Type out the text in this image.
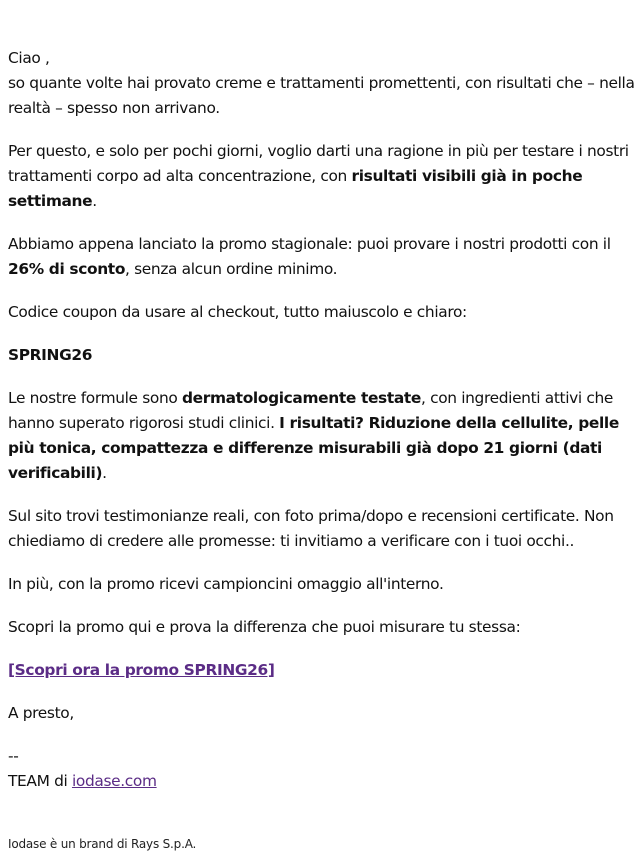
Ciao ,
so quante volte hai provato creme e trattamenti promettenti, con risultati che – nella realtà – spesso non arrivano.

Per questo, e solo per pochi giorni, voglio darti una ragione in più per testare i nostri trattamenti corpo ad alta concentrazione, con risultati visibili già in poche settimane.

Abbiamo appena lanciato la promo stagionale: puoi provare i nostri prodotti con il 26% di sconto, senza alcun ordine minimo.

Codice coupon da usare al checkout, tutto maiuscolo e chiaro:

SPRING26

Le nostre formule sono dermatologicamente testate, con ingredienti attivi che hanno superato rigorosi studi clinici. I risultati? Riduzione della cellulite, pelle più tonica, compattezza e differenze misurabili già dopo 21 giorni (dati verificabili).

Sul sito trovi testimonianze reali, con foto prima/dopo e recensioni certificate. Non chiediamo di credere alle promesse: ti invitiamo a verificare con i tuoi occhi..

In più, con la promo ricevi campioncini omaggio all'interno.

Scopri la promo qui e prova la differenza che puoi misurare tu stessa:

[Scopri ora la promo SPRING26]

A presto,

--
TEAM di iodase.com

Iodase è un brand di Rays S.p.A.
